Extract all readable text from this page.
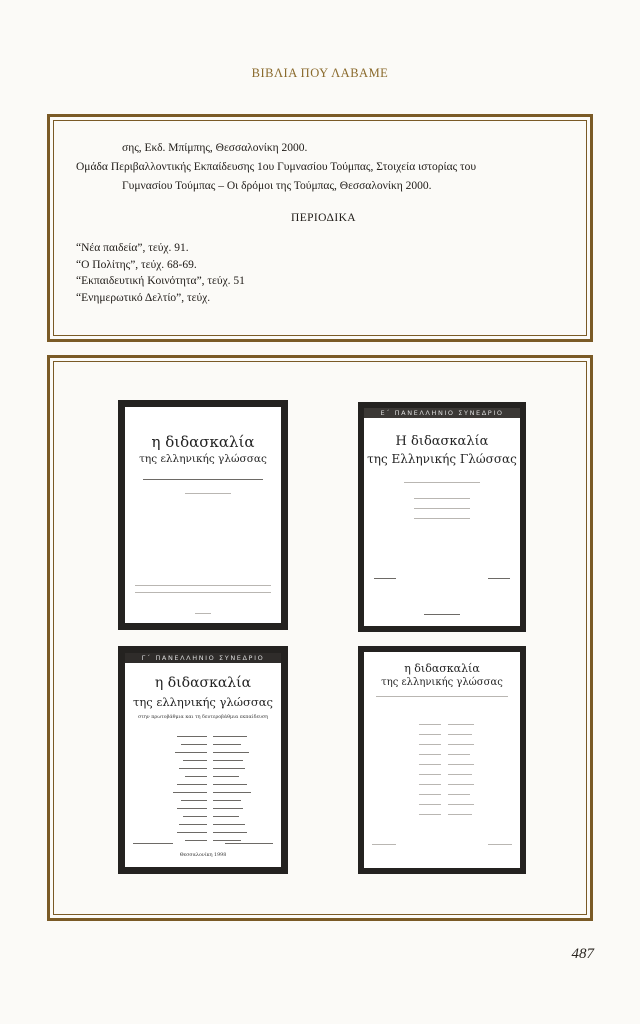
ΒΙΒΛΙΑ ΠΟΥ ΛΑΒΑΜΕ
σης, Εκδ. Μπίμπης, Θεσσαλονίκη 2000.
Ομάδα Περιβαλλοντικής Εκπαίδευσης 1ου Γυμνασίου Τούμπας, Στοιχεία ιστορίας του
Γυμνασίου Τούμπας – Οι δρόμοι της Τούμπας, Θεσσαλονίκη 2000.
ΠΕΡΙΟΔΙΚΑ
“Νέα παιδεία”, τεύχ. 91.
“Ο Πολίτης”, τεύχ. 68-69.
“Εκπαιδευτική Κοινότητα”, τεύχ. 51
“Ενημερωτικό Δελτίο”, τεύχ.
η διδασκαλία
της ελληνικής γλώσσας
Ε΄ ΠΑΝΕΛΛΗΝΙΟ ΣΥΝΕΔΡΙΟ
Η διδασκαλία
της Ελληνικής Γλώσσας
Γ΄ ΠΑΝΕΛΛΗΝΙΟ ΣΥΝΕΔΡΙΟ
η διδασκαλία
της ελληνικής γλώσσας
στην πρωτοβάθμια και τη δευτεροβάθμια εκπαίδευση
Θεσσαλονίκη 1998
η διδασκαλία
της ελληνικής γλώσσας
487
